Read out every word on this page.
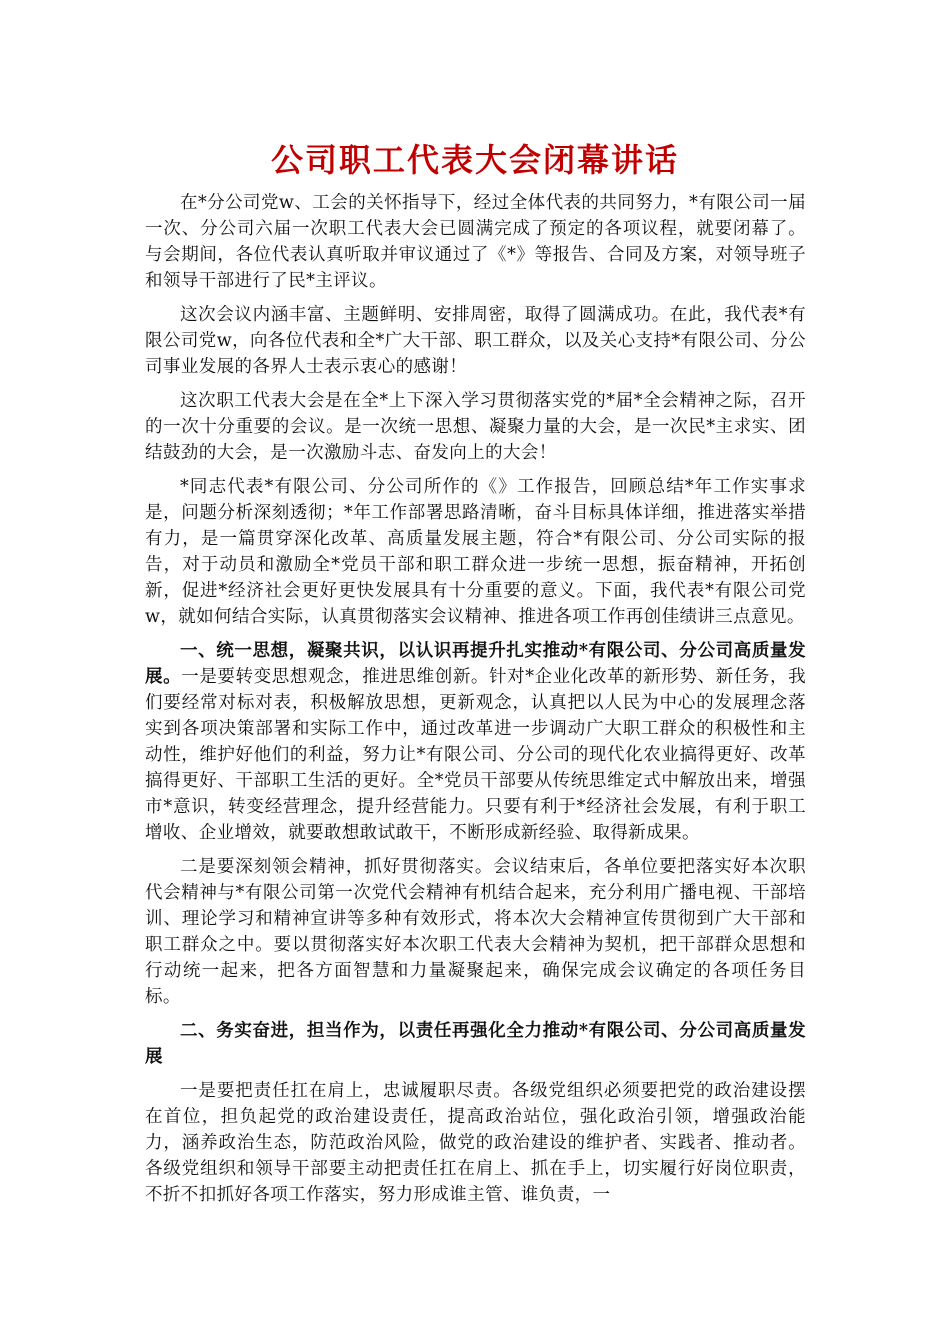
公司职工代表大会闭幕讲话

在*分公司党w、工会的关怀指导下，经过全体代表的共同努力，*有限公司一届一次、分公司六届一次职工代表大会已圆满完成了预定的各项议程，就要闭幕了。与会期间，各位代表认真听取并审议通过了《*》等报告、合同及方案，对领导班子和领导干部进行了民*主评议。

这次会议内涵丰富、主题鲜明、安排周密，取得了圆满成功。在此，我代表*有限公司党w，向各位代表和全*广大干部、职工群众，以及关心支持*有限公司、分公司事业发展的各界人士表示衷心的感谢！

这次职工代表大会是在全*上下深入学习贯彻落实党的*届*全会精神之际，召开的一次十分重要的会议。是一次统一思想、凝聚力量的大会，是一次民*主求实、团结鼓劲的大会，是一次激励斗志、奋发向上的大会！

*同志代表*有限公司、分公司所作的《》工作报告，回顾总结*年工作实事求是，问题分析深刻透彻；*年工作部署思路清晰，奋斗目标具体详细，推进落实举措有力，是一篇贯穿深化改革、高质量发展主题，符合*有限公司、分公司实际的报告，对于动员和激励全*党员干部和职工群众进一步统一思想，振奋精神，开拓创新，促进*经济社会更好更快发展具有十分重要的意义。下面，我代表*有限公司党w，就如何结合实际，认真贯彻落实会议精神、推进各项工作再创佳绩讲三点意见。

一、统一思想，凝聚共识，以认识再提升扎实推动*有限公司、分公司高质量发展。一是要转变思想观念，推进思维创新。针对*企业化改革的新形势、新任务，我们要经常对标对表，积极解放思想，更新观念，认真把以人民为中心的发展理念落实到各项决策部署和实际工作中，通过改革进一步调动广大职工群众的积极性和主动性，维护好他们的利益，努力让*有限公司、分公司的现代化农业搞得更好、改革搞得更好、干部职工生活的更好。全*党员干部要从传统思维定式中解放出来，增强市*意识，转变经营理念，提升经营能力。只要有利于*经济社会发展，有利于职工增收、企业增效，就要敢想敢试敢干，不断形成新经验、取得新成果。

二是要深刻领会精神，抓好贯彻落实。会议结束后，各单位要把落实好本次职代会精神与*有限公司第一次党代会精神有机结合起来，充分利用广播电视、干部培训、理论学习和精神宣讲等多种有效形式，将本次大会精神宣传贯彻到广大干部和职工群众之中。要以贯彻落实好本次职工代表大会精神为契机，把干部群众思想和行动统一起来，把各方面智慧和力量凝聚起来，确保完成会议确定的各项任务目标。

二、务实奋进，担当作为，以责任再强化全力推动*有限公司、分公司高质量发展

一是要把责任扛在肩上，忠诚履职尽责。各级党组织必须要把党的政治建设摆在首位，担负起党的政治建设责任，提高政治站位，强化政治引领，增强政治能力，涵养政治生态，防范政治风险，做党的政治建设的维护者、实践者、推动者。各级党组织和领导干部要主动把责任扛在肩上、抓在手上，切实履行好岗位职责，不折不扣抓好各项工作落实，努力形成谁主管、谁负责，一
